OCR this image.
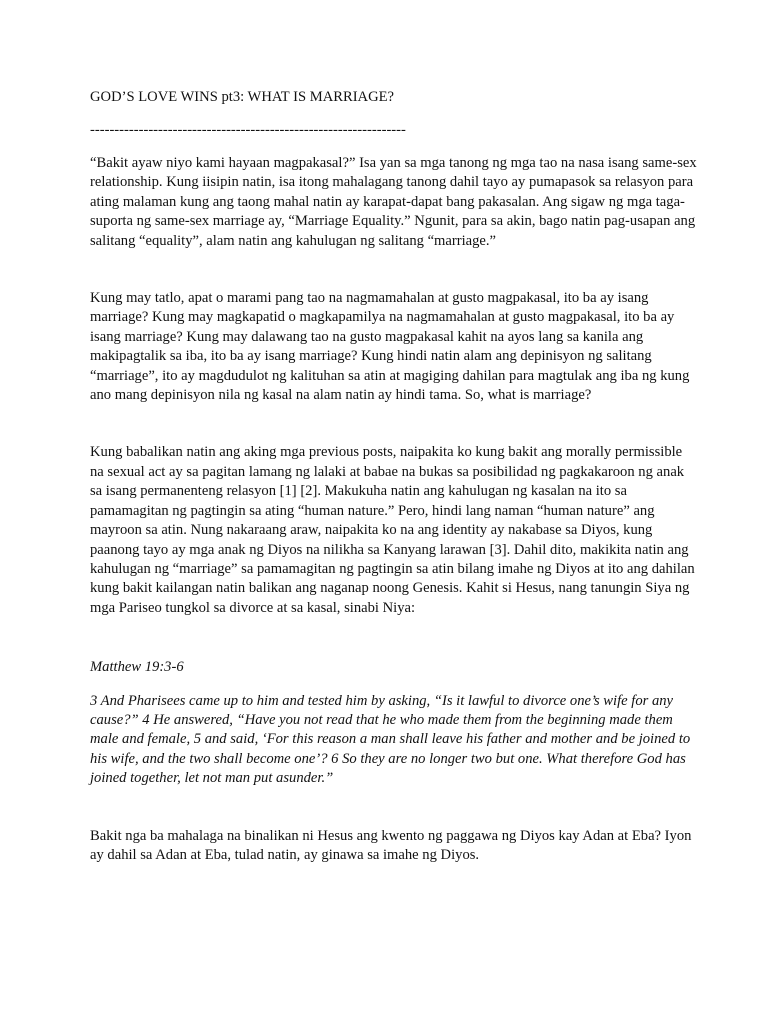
GOD’S LOVE WINS pt3: WHAT IS MARRIAGE?
-----------------------------------------------------------------

“Bakit ayaw niyo kami hayaan magpakasal?” Isa yan sa mga tanong ng mga tao na nasa isang same-sex relationship. Kung iisipin natin, isa itong mahalagang tanong dahil tayo ay pumapasok sa relasyon para ating malaman kung ang taong mahal natin ay karapat-dapat bang pakasalan. Ang sigaw ng mga taga-suporta ng same-sex marriage ay, “Marriage Equality.” Ngunit, para sa akin, bago natin pag-usapan ang salitang “equality”, alam natin ang kahulugan ng salitang “marriage.”

Kung may tatlo, apat o marami pang tao na nagmamahalan at gusto magpakasal, ito ba ay isang marriage? Kung may magkapatid o magkapamilya na nagmamahalan at gusto magpakasal, ito ba ay isang marriage? Kung may dalawang tao na gusto magpakasal kahit na ayos lang sa kanila ang makipagtalik sa iba, ito ba ay isang marriage? Kung hindi natin alam ang depinisyon ng salitang “marriage”, ito ay magdudulot ng kalituhan sa atin at magiging dahilan para magtulak ang iba ng kung ano mang depinisyon nila ng kasal na alam natin ay hindi tama. So, what is marriage?

Kung babalikan natin ang aking mga previous posts, naipakita ko kung bakit ang morally permissible na sexual act ay sa pagitan lamang ng lalaki at babae na bukas sa posibilidad ng pagkakaroon ng anak sa isang permanenteng relasyon [1] [2]. Makukuha natin ang kahulugan ng kasalan na ito sa pamamagitan ng pagtingin sa ating “human nature.” Pero, hindi lang naman “human nature” ang mayroon sa atin. Nung nakaraang araw, naipakita ko na ang identity ay nakabase sa Diyos, kung paanong tayo ay mga anak ng Diyos na nilikha sa Kanyang larawan [3]. Dahil dito, makikita natin ang kahulugan ng “marriage” sa pamamagitan ng pagtingin sa atin bilang imahe ng Diyos at ito ang dahilan kung bakit kailangan natin balikan ang naganap noong Genesis. Kahit si Hesus, nang tanungin Siya ng mga Pariseo tungkol sa divorce at sa kasal, sinabi Niya:

Matthew 19:3-6

3 And Pharisees came up to him and tested him by asking, “Is it lawful to divorce one’s wife for any cause?” 4 He answered, “Have you not read that he who made them from the beginning made them male and female, 5 and said, ‘For this reason a man shall leave his father and mother and be joined to his wife, and the two shall become one’? 6 So they are no longer two but one. What therefore God has joined together, let not man put asunder.”

Bakit nga ba mahalaga na binalikan ni Hesus ang kwento ng paggawa ng Diyos kay Adan at Eba? Iyon ay dahil sa Adan at Eba, tulad natin, ay ginawa sa imahe ng Diyos.
